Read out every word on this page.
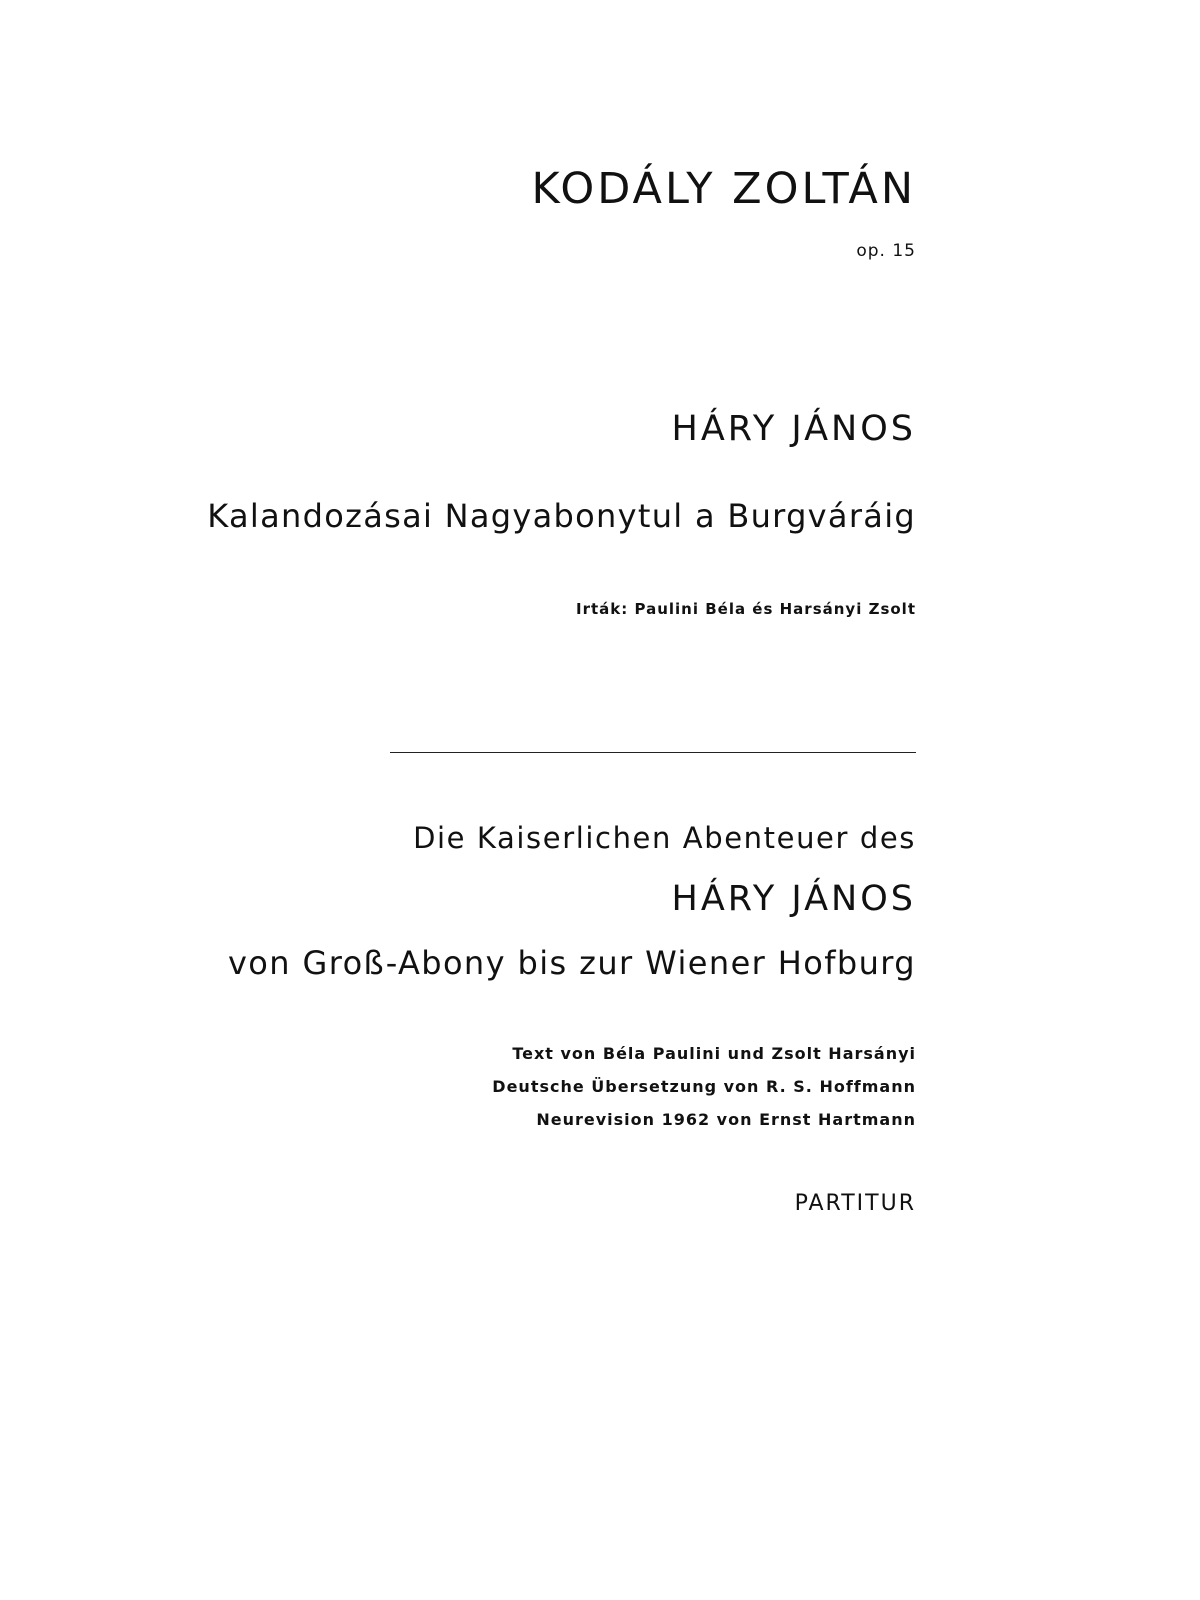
KODÁLY ZOLTÁN
op. 15
HÁRY JÁNOS
Kalandozásai Nagyabonytul a Burgváráig
Irták: Paulini Béla és Harsányi Zsolt
Die Kaiserlichen Abenteuer des
HÁRY JÁNOS
von Groß-Abony bis zur Wiener Hofburg
Text von Béla Paulini und Zsolt Harsányi
Deutsche Übersetzung von R. S. Hoffmann
Neurevision 1962 von Ernst Hartmann
PARTITUR
